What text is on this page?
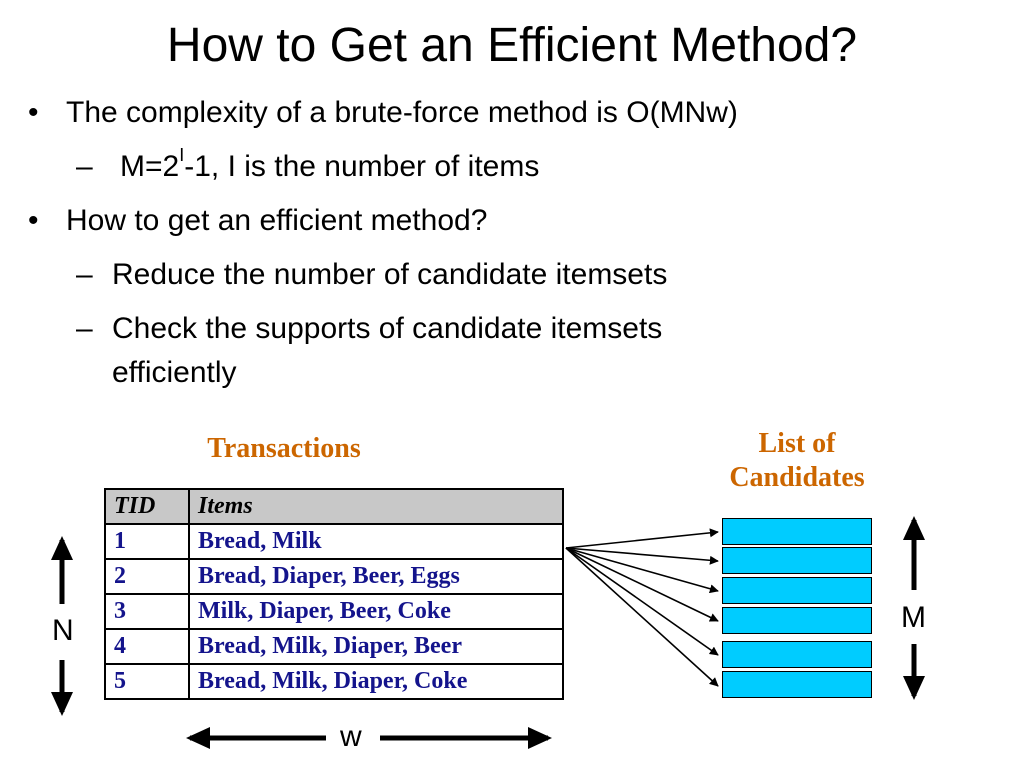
How to Get an Efficient Method?
• The complexity of a brute-force method is O(MNw)
– $M=2^I-1$, I is the number of items
• How to get an efficient method?
– Reduce the number of candidate itemsets
– Check the supports of candidate itemsets
efficiently
Transactions	List of
Candidates
TID	Items
1	Bread, Milk
2	Bread, Diaper, Beer, Eggs
3	Milk, Diaper, Beer, Coke
4	Bread, Milk, Diaper, Beer
5	Bread, Milk, Diaper, Coke
N	M
w
